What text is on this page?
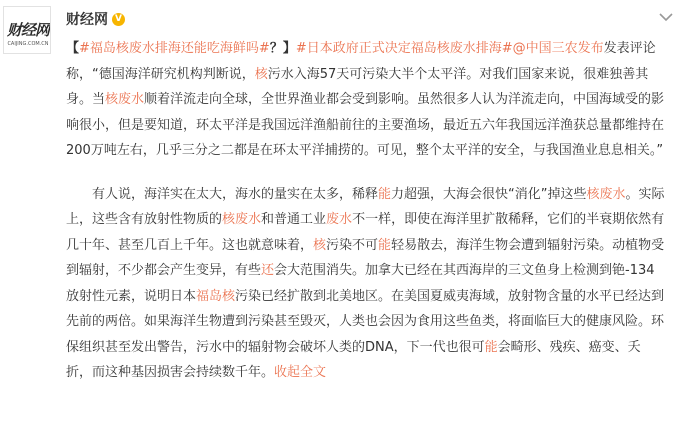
财经网
CAIJING.COM.CN
财经网 V

【#福岛核废水排海还能吃海鲜吗#？】#日本政府正式决定福岛核废水排海#@中国三农发布发表评论称，“德国海洋研究机构判断说，核污水入海57天可污染大半个太平洋。对我们国家来说，很难独善其身。当核废水顺着洋流走向全球，全世界渔业都会受到影响。虽然很多人认为洋流走向，中国海域受的影响很小，但是要知道，环太平洋是我国远洋渔船前往的主要渔场，最近五六年我国远洋渔获总量都维持在200万吨左右，几乎三分之二都是在环太平洋捕捞的。可见，整个太平洋的安全，与我国渔业息息相关。”

  有人说，海洋实在太大，海水的量实在太多，稀释能力超强，大海会很快“消化”掉这些核废水。实际上，这些含有放射性物质的核废水和普通工业废水不一样，即使在海洋里扩散稀释，它们的半衰期依然有几十年、甚至几百上千年。这也就意味着，核污染不可能轻易散去，海洋生物会遭到辐射污染。动植物受到辐射，不少都会产生变异，有些还会大范围消失。加拿大已经在其西海岸的三文鱼身上检测到铯-134放射性元素，说明日本福岛核污染已经扩散到北美地区。在美国夏威夷海域，放射物含量的水平已经达到先前的两倍。如果海洋生物遭到污染甚至毁灭，人类也会因为食用这些鱼类，将面临巨大的健康风险。环保组织甚至发出警告，污水中的辐射物会破坏人类的DNA，下一代也很可能会畸形、残疾、癌变、夭折，而这种基因损害会持续数千年。收起全文
